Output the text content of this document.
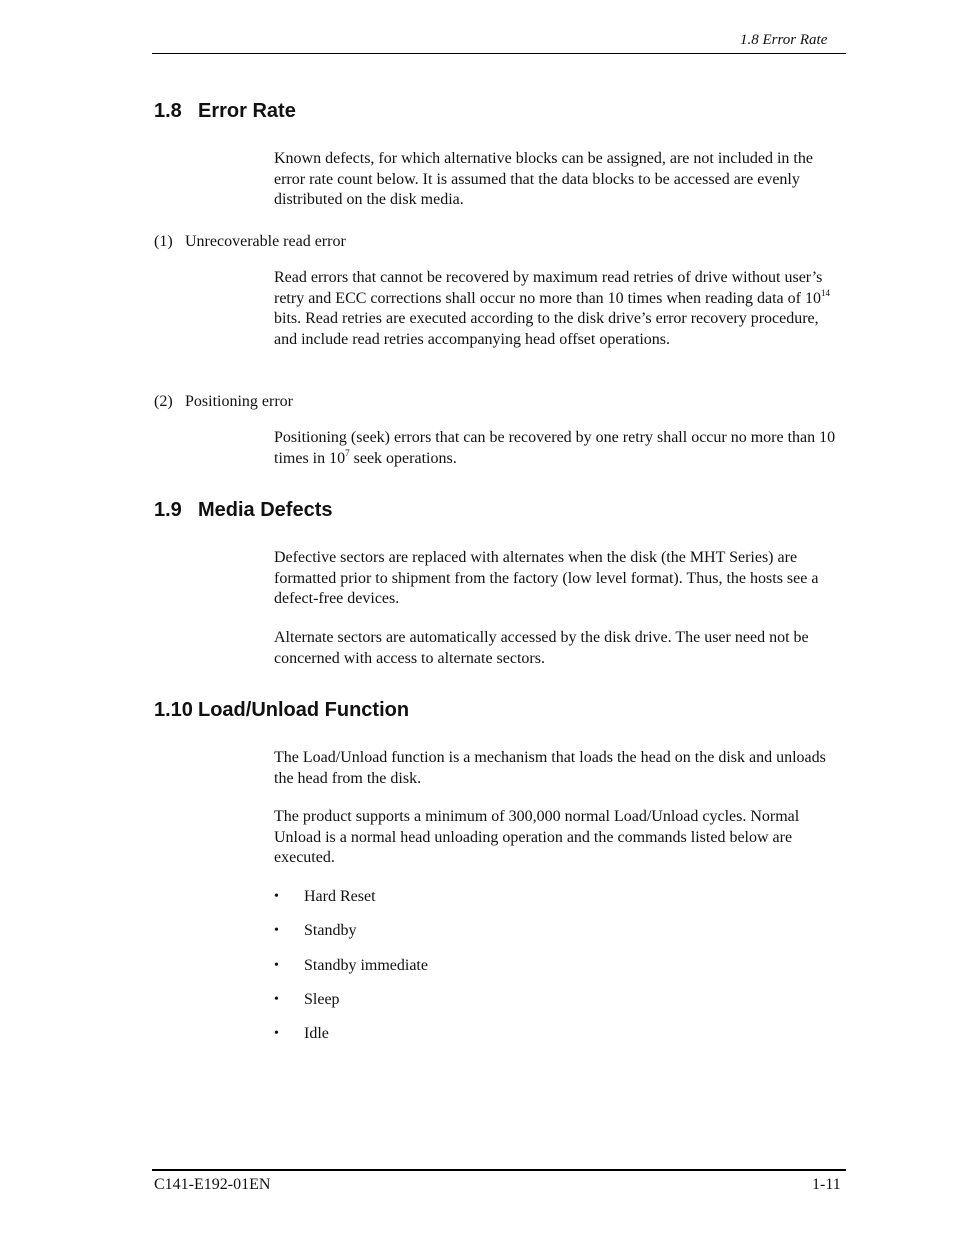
1.8 Error Rate
1.8 Error Rate

Known defects, for which alternative blocks can be assigned, are not included in the error rate count below. It is assumed that the data blocks to be accessed are evenly distributed on the disk media.

(1) Unrecoverable read error

Read errors that cannot be recovered by maximum read retries of drive without user’s retry and ECC corrections shall occur no more than 10 times when reading data of $10^{14}$ bits. Read retries are executed according to the disk drive’s error recovery procedure, and include read retries accompanying head offset operations.

(2) Positioning error

Positioning (seek) errors that can be recovered by one retry shall occur no more than 10 times in $10^7$ seek operations.

1.9 Media Defects

Defective sectors are replaced with alternates when the disk (the MHT Series) are formatted prior to shipment from the factory (low level format). Thus, the hosts see a defect-free devices.

Alternate sectors are automatically accessed by the disk drive. The user need not be concerned with access to alternate sectors.

1.10 Load/Unload Function

The Load/Unload function is a mechanism that loads the head on the disk and unloads the head from the disk.

The product supports a minimum of 300,000 normal Load/Unload cycles. Normal Unload is a normal head unloading operation and the commands listed below are executed.

• Hard Reset
• Standby
• Standby immediate
• Sleep
• Idle
C141-E192-01EN	1-11
